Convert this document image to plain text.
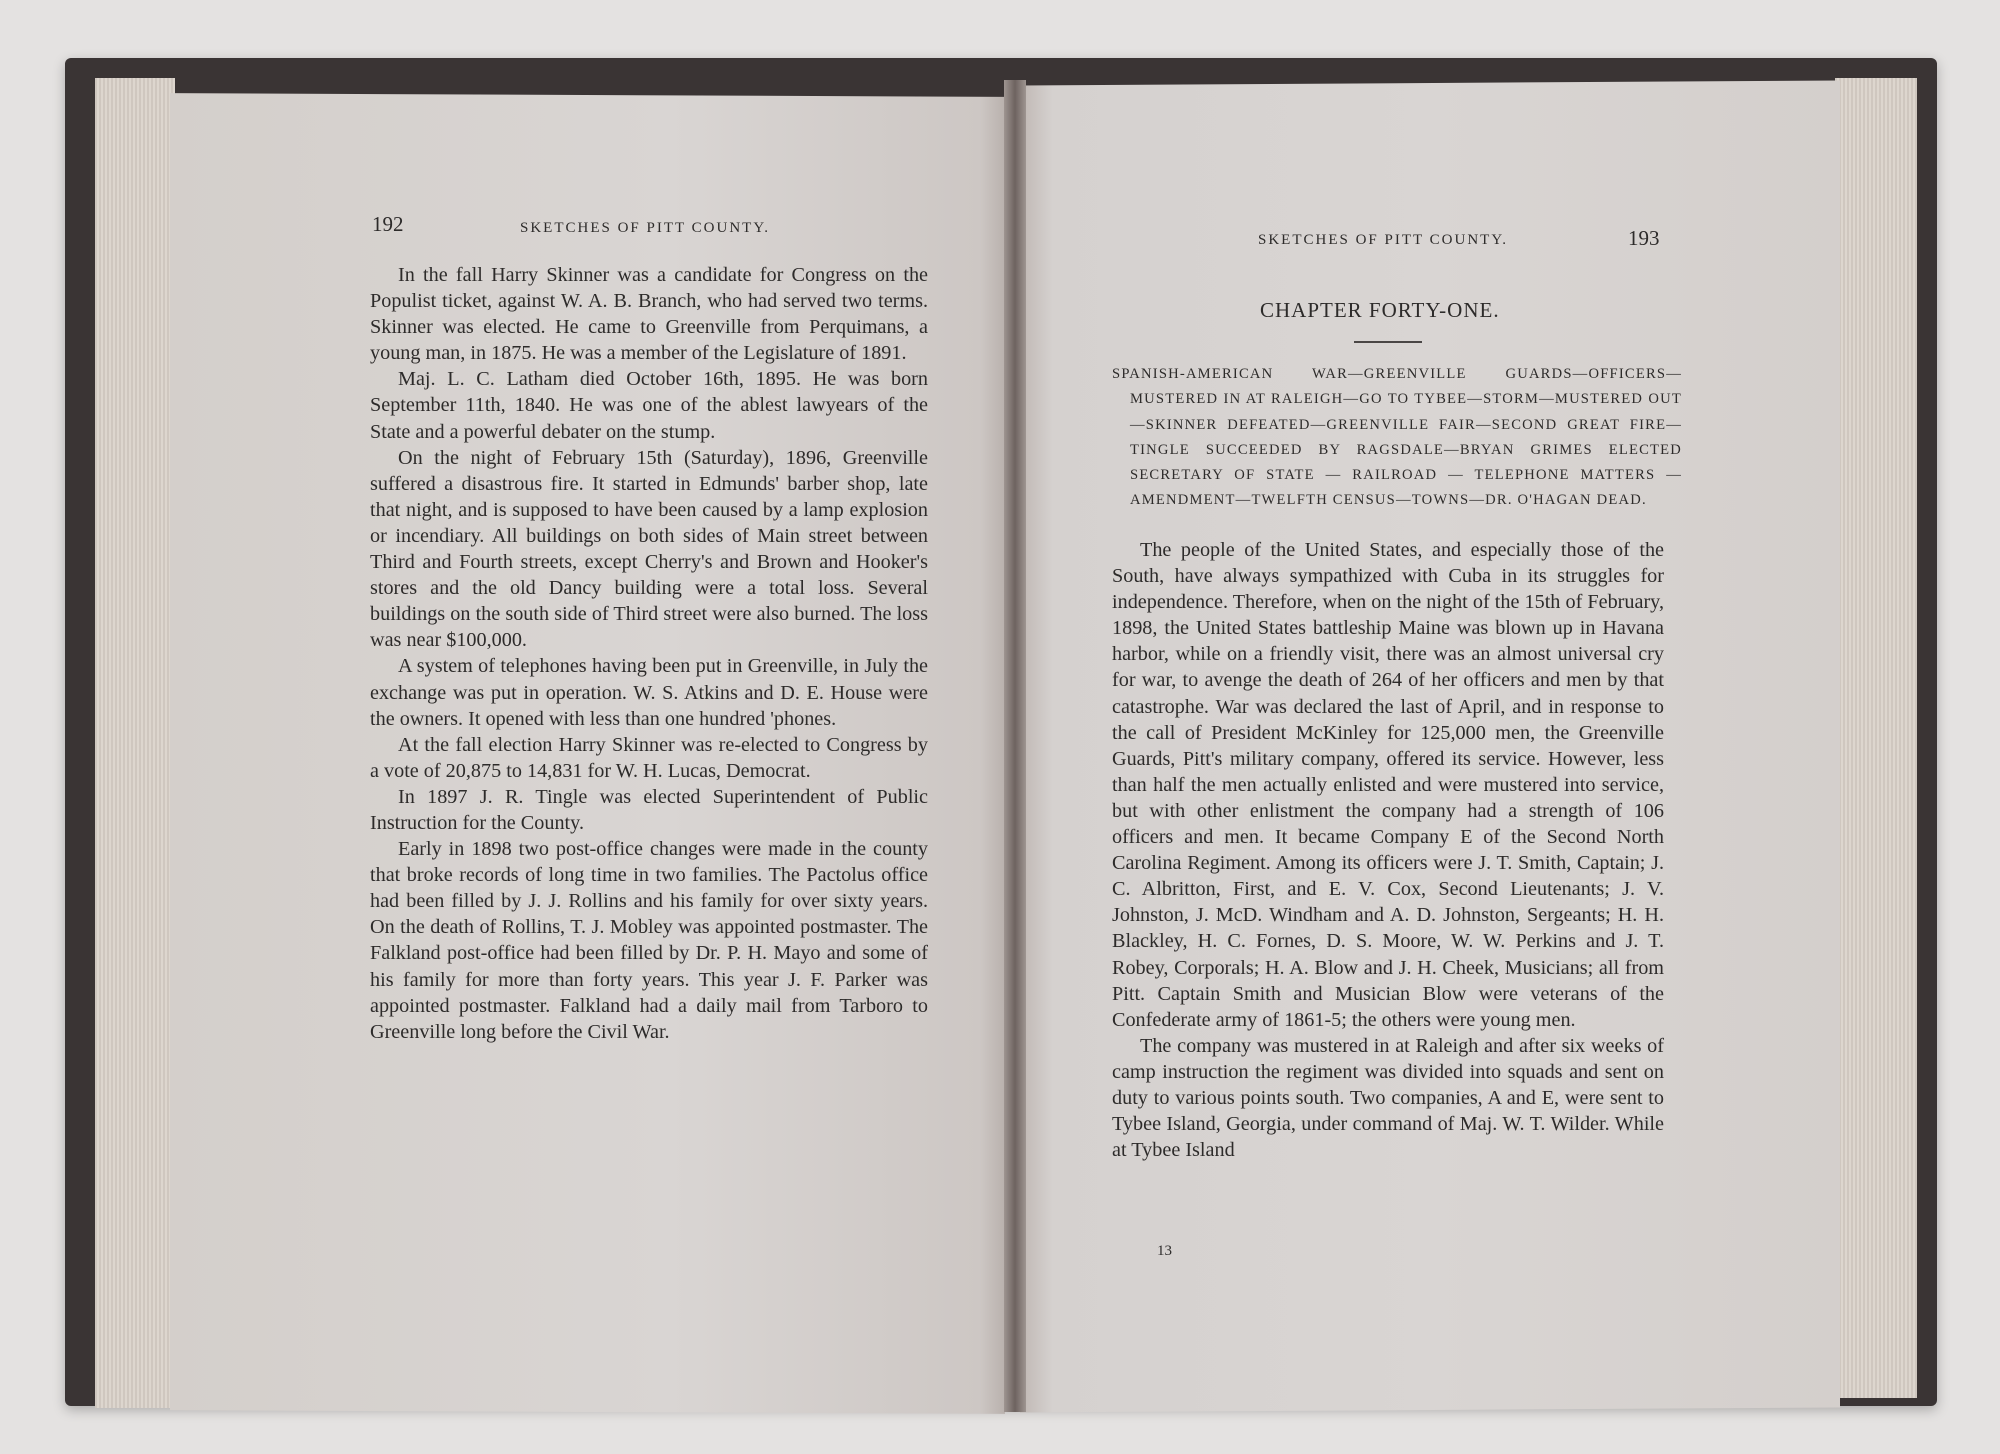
192	SKETCHES OF PITT COUNTY.

In the fall Harry Skinner was a candidate for Congress on the Populist ticket, against W. A. B. Branch, who had served two terms. Skinner was elected. He came to Greenville from Perquimans, a young man, in 1875. He was a member of the Legislature of 1891.

Maj. L. C. Latham died October 16th, 1895. He was born September 11th, 1840. He was one of the ablest lawyears of the State and a powerful debater on the stump.

On the night of February 15th (Saturday), 1896, Greenville suffered a disastrous fire. It started in Edmunds' barber shop, late that night, and is supposed to have been caused by a lamp explosion or incendiary. All buildings on both sides of Main street between Third and Fourth streets, except Cherry's and Brown and Hooker's stores and the old Dancy building were a total loss. Several buildings on the south side of Third street were also burned. The loss was near $100,000.

A system of telephones having been put in Greenville, in July the exchange was put in operation. W. S. Atkins and D. E. House were the owners. It opened with less than one hundred 'phones.

At the fall election Harry Skinner was re-elected to Congress by a vote of 20,875 to 14,831 for W. H. Lucas, Democrat.

In 1897 J. R. Tingle was elected Superintendent of Public Instruction for the County.

Early in 1898 two post-office changes were made in the county that broke records of long time in two families. The Pactolus office had been filled by J. J. Rollins and his family for over sixty years. On the death of Rollins, T. J. Mobley was appointed postmaster. The Falkland post-office had been filled by Dr. P. H. Mayo and some of his family for more than forty years. This year J. F. Parker was appointed postmaster. Falkland had a daily mail from Tarboro to Greenville long before the Civil War.

SKETCHES OF PITT COUNTY.	193
CHAPTER FORTY-ONE.
SPANISH-AMERICAN WAR—GREENVILLE GUARDS—OFFICERS—MUSTERED IN AT RALEIGH—GO TO TYBEE—STORM—MUSTERED OUT—SKINNER DEFEATED—GREENVILLE FAIR—SECOND GREAT FIRE—TINGLE SUCCEEDED BY RAGSDALE—BRYAN GRIMES ELECTED SECRETARY OF STATE — RAILROAD — TELEPHONE MATTERS — AMENDMENT—TWELFTH CENSUS—TOWNS—DR. O'HAGAN DEAD.

The people of the United States, and especially those of the South, have always sympathized with Cuba in its struggles for independence. Therefore, when on the night of the 15th of February, 1898, the United States battleship Maine was blown up in Havana harbor, while on a friendly visit, there was an almost universal cry for war, to avenge the death of 264 of her officers and men by that catastrophe. War was declared the last of April, and in response to the call of President McKinley for 125,000 men, the Greenville Guards, Pitt's military company, offered its service. However, less than half the men actually enlisted and were mustered into service, but with other enlistment the company had a strength of 106 officers and men. It became Company E of the Second North Carolina Regiment. Among its officers were J. T. Smith, Captain; J. C. Albritton, First, and E. V. Cox, Second Lieutenants; J. V. Johnston, J. McD. Windham and A. D. Johnston, Sergeants; H. H. Blackley, H. C. Fornes, D. S. Moore, W. W. Perkins and J. T. Robey, Corporals; H. A. Blow and J. H. Cheek, Musicians; all from Pitt. Captain Smith and Musician Blow were veterans of the Confederate army of 1861-5; the others were young men.

The company was mustered in at Raleigh and after six weeks of camp instruction the regiment was divided into squads and sent on duty to various points south. Two companies, A and E, were sent to Tybee Island, Georgia, under command of Maj. W. T. Wilder. While at Tybee Island

13
